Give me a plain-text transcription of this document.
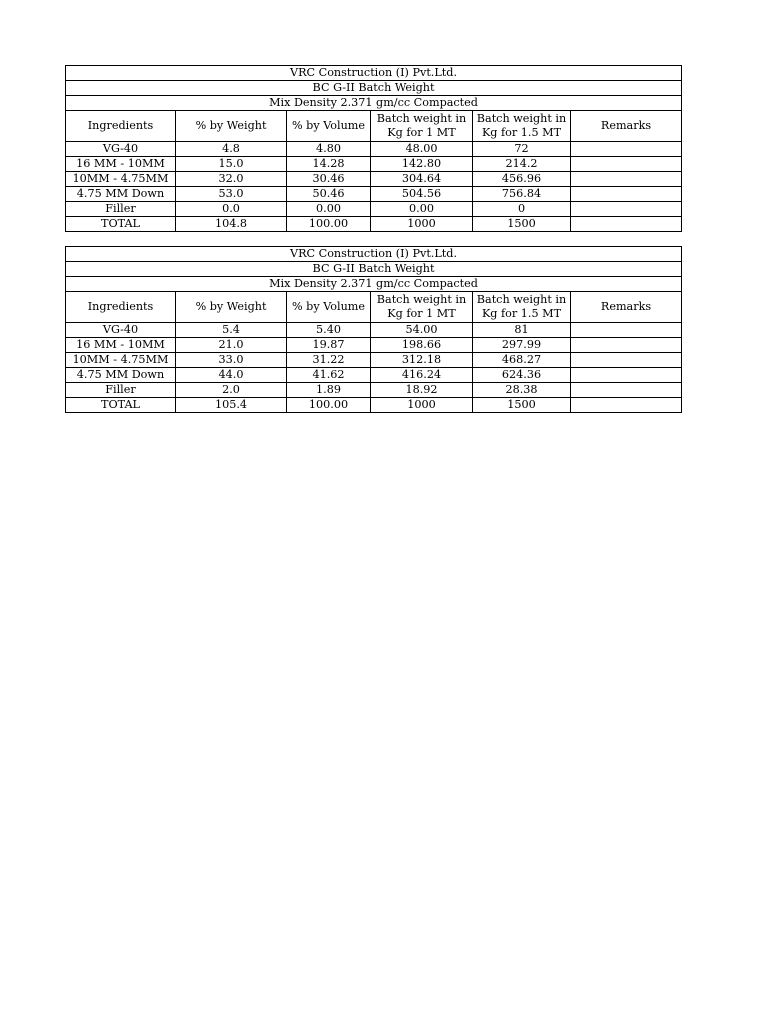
VRC Construction (I) Pvt.Ltd.					
BC G-II Batch Weight					
Mix Density 2.371 gm/cc Compacted					
Ingredients	% by Weight	% by Volume	Batch weight in Kg for 1 MT	Batch weight in Kg for 1.5 MT	Remarks
VG-40	4.8	4.80	48.00	72	
16 MM - 10MM	15.0	14.28	142.80	214.2	
10MM - 4.75MM	32.0	30.46	304.64	456.96	
4.75 MM Down	53.0	50.46	504.56	756.84	
Filler	0.0	0.00	0.00	0	
TOTAL	104.8	100.00	1000	1500	
VRC Construction (I) Pvt.Ltd.					
BC G-II Batch Weight					
Mix Density 2.371 gm/cc Compacted					
Ingredients	% by Weight	% by Volume	Batch weight in Kg for 1 MT	Batch weight in Kg for 1.5 MT	Remarks
VG-40	5.4	5.40	54.00	81	
16 MM - 10MM	21.0	19.87	198.66	297.99	
10MM - 4.75MM	33.0	31.22	312.18	468.27	
4.75 MM Down	44.0	41.62	416.24	624.36	
Filler	2.0	1.89	18.92	28.38	
TOTAL	105.4	100.00	1000	1500	
